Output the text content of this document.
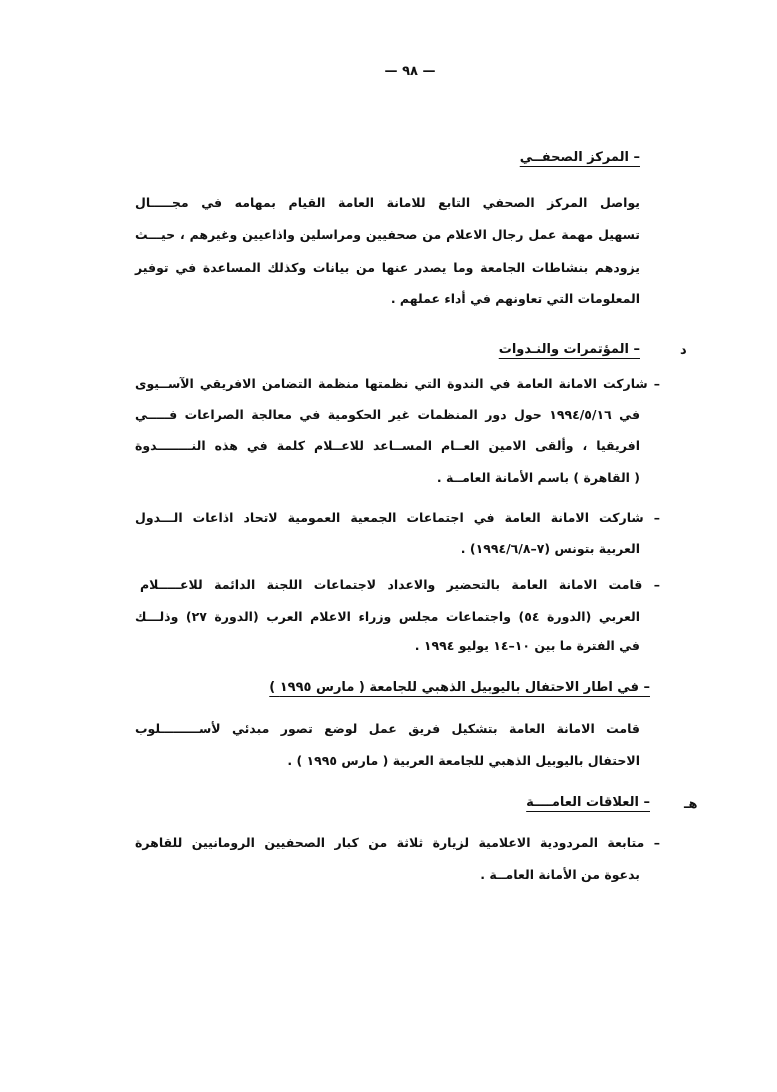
— ٩٨ —
– المركز الصحفــي
يواصل المركز الصحفي التابع للامانة العامة القيام بمهامه في مجـــــال
تسهيل مهمة عمل رجال الاعلام من صحفيين ومراسلين واذاعيين وغيرهم ، حيـــث
يزودهم بنشاطات الجامعة وما يصدر عنها من بيانات وكذلك المساعدة في توفير
المعلومات التي تعاونهم في أداء عملهم .
د
– المؤتمرات والنـدوات
– شاركت الامانة العامة في الندوة التي نظمتها منظمة التضامن الافريقي الآســيوى
في ١٩٩٤/٥/١٦ حول دور المنظمات غير الحكومية في معالجة الصراعات فـــــي
افريقيا ، وألقى الامين العــام المســاعد للاعــلام كلمة في هذه النــــــــدوة
( القاهرة ) باسم الأمانة العامــة .
– شاركت الامانة العامة في اجتماعات الجمعية العمومية لاتحاد اذاعات الـــدول
العربية بتونس (٧–١٩٩٤/٦/٨) .
– قامت الامانة العامة بالتحضير والاعداد لاجتماعات اللجنة الدائمة للاعـــــلام
العربي (الدورة ٥٤) واجتماعات مجلس وزراء الاعلام العرب (الدورة ٢٧) وذلـــك
في الفترة ما بين ١٠–١٤ يوليو ١٩٩٤ .
– في اطار الاحتفال باليوبيل الذهبي للجامعة ( مارس ١٩٩٥ )
قامت الامانة العامة بتشكيل فريق عمل لوضع تصور مبدئي لأســـــــــلوب
الاحتفال باليوبيل الذهبي للجامعة العربية ( مارس ١٩٩٥ ) .
هـ
– العلاقات العامــــة
– متابعة المردودية الاعلامية لزيارة ثلاثة من كبار الصحفيين الرومانيين للقاهرة
بدعوة من الأمانة العامــة .
